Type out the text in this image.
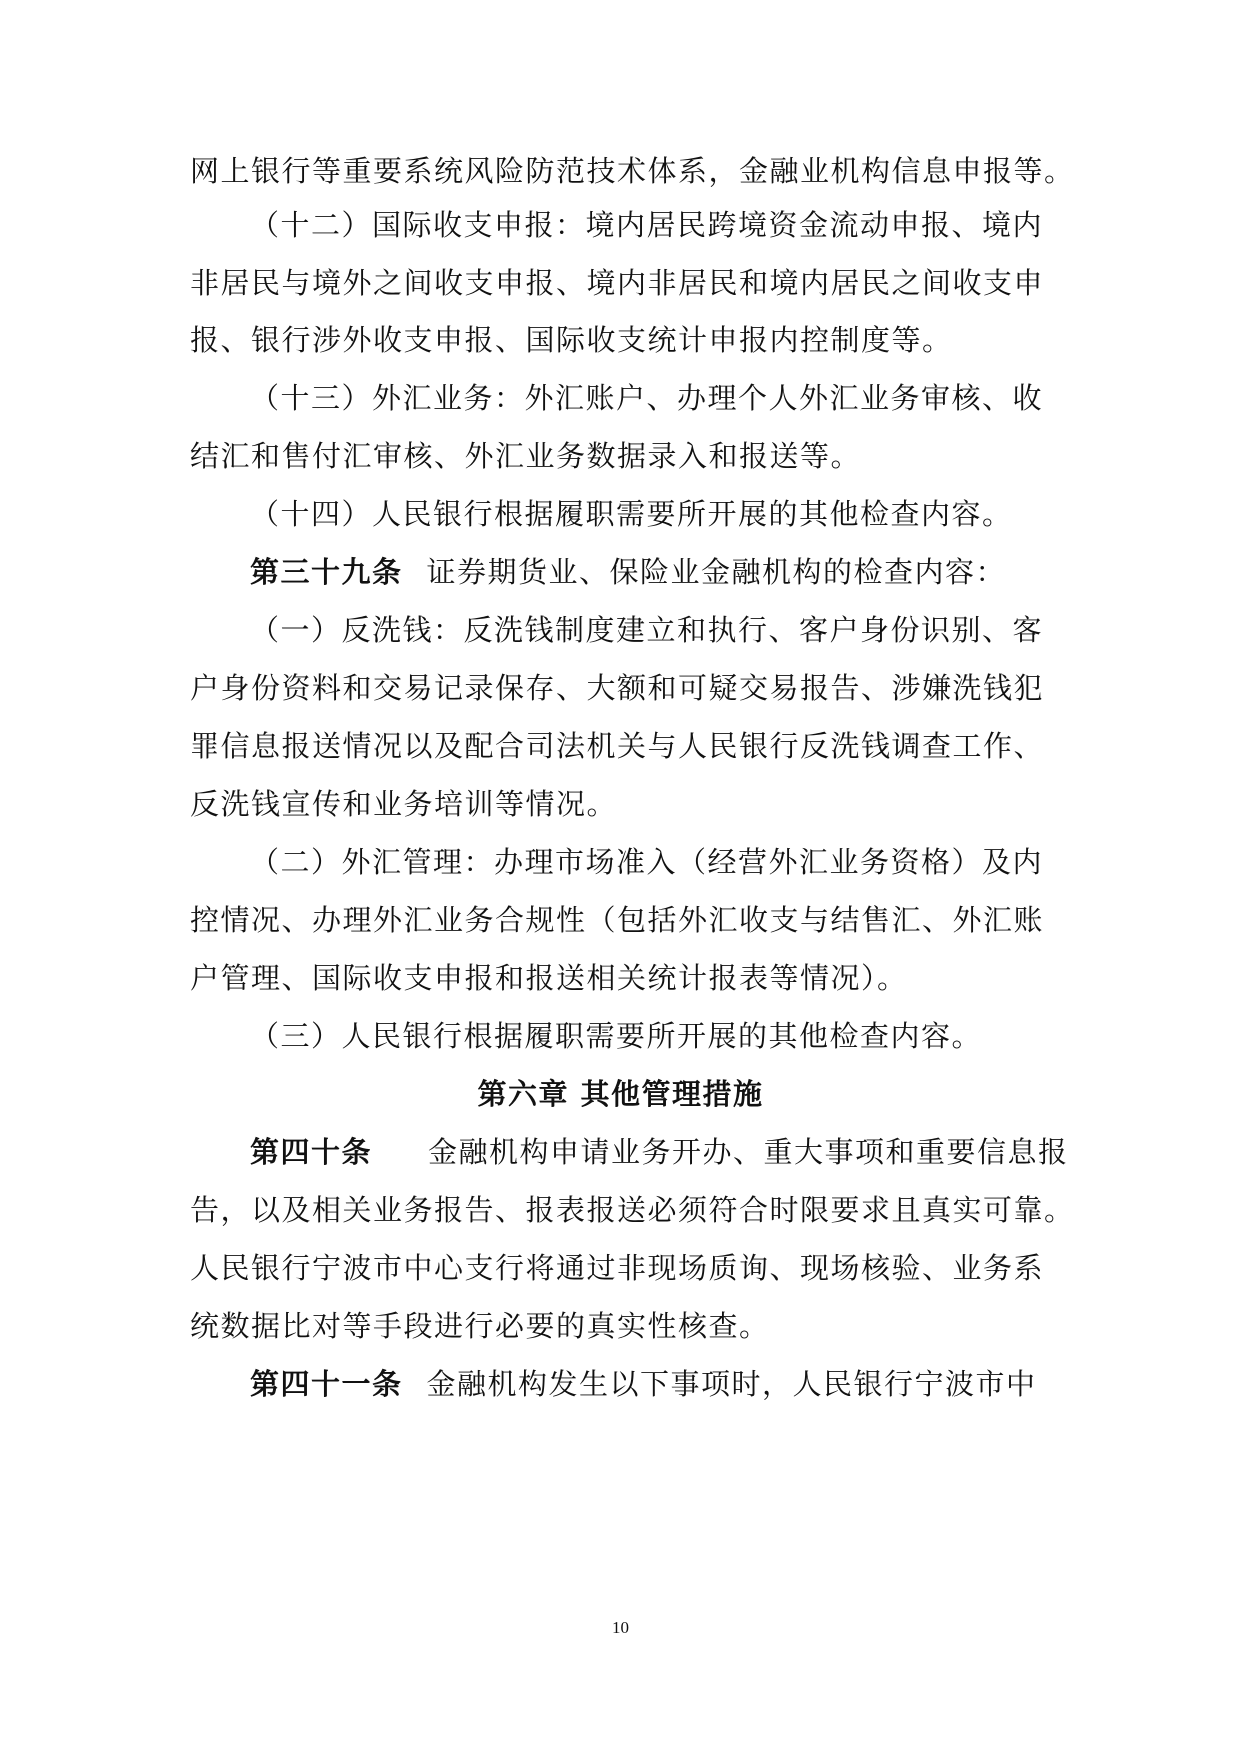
网上银行等重要系统风险防范技术体系，金融业机构信息申报等。
（十二）国际收支申报：境内居民跨境资金流动申报、境内
非居民与境外之间收支申报、境内非居民和境内居民之间收支申
报、银行涉外收支申报、国际收支统计申报内控制度等。
（十三）外汇业务：外汇账户、办理个人外汇业务审核、收
结汇和售付汇审核、外汇业务数据录入和报送等。
（十四）人民银行根据履职需要所开展的其他检查内容。
第三十九条 证券期货业、保险业金融机构的检查内容：
（一）反洗钱：反洗钱制度建立和执行、客户身份识别、客
户身份资料和交易记录保存、大额和可疑交易报告、涉嫌洗钱犯
罪信息报送情况以及配合司法机关与人民银行反洗钱调查工作、
反洗钱宣传和业务培训等情况。
（二）外汇管理：办理市场准入（经营外汇业务资格）及内
控情况、办理外汇业务合规性（包括外汇收支与结售汇、外汇账
户管理、国际收支申报和报送相关统计报表等情况）。
（三）人民银行根据履职需要所开展的其他检查内容。
第六章 其他管理措施
第四十条 金融机构申请业务开办、重大事项和重要信息报
告，以及相关业务报告、报表报送必须符合时限要求且真实可靠。
人民银行宁波市中心支行将通过非现场质询、现场核验、业务系
统数据比对等手段进行必要的真实性核查。
第四十一条 金融机构发生以下事项时，人民银行宁波市中
10
